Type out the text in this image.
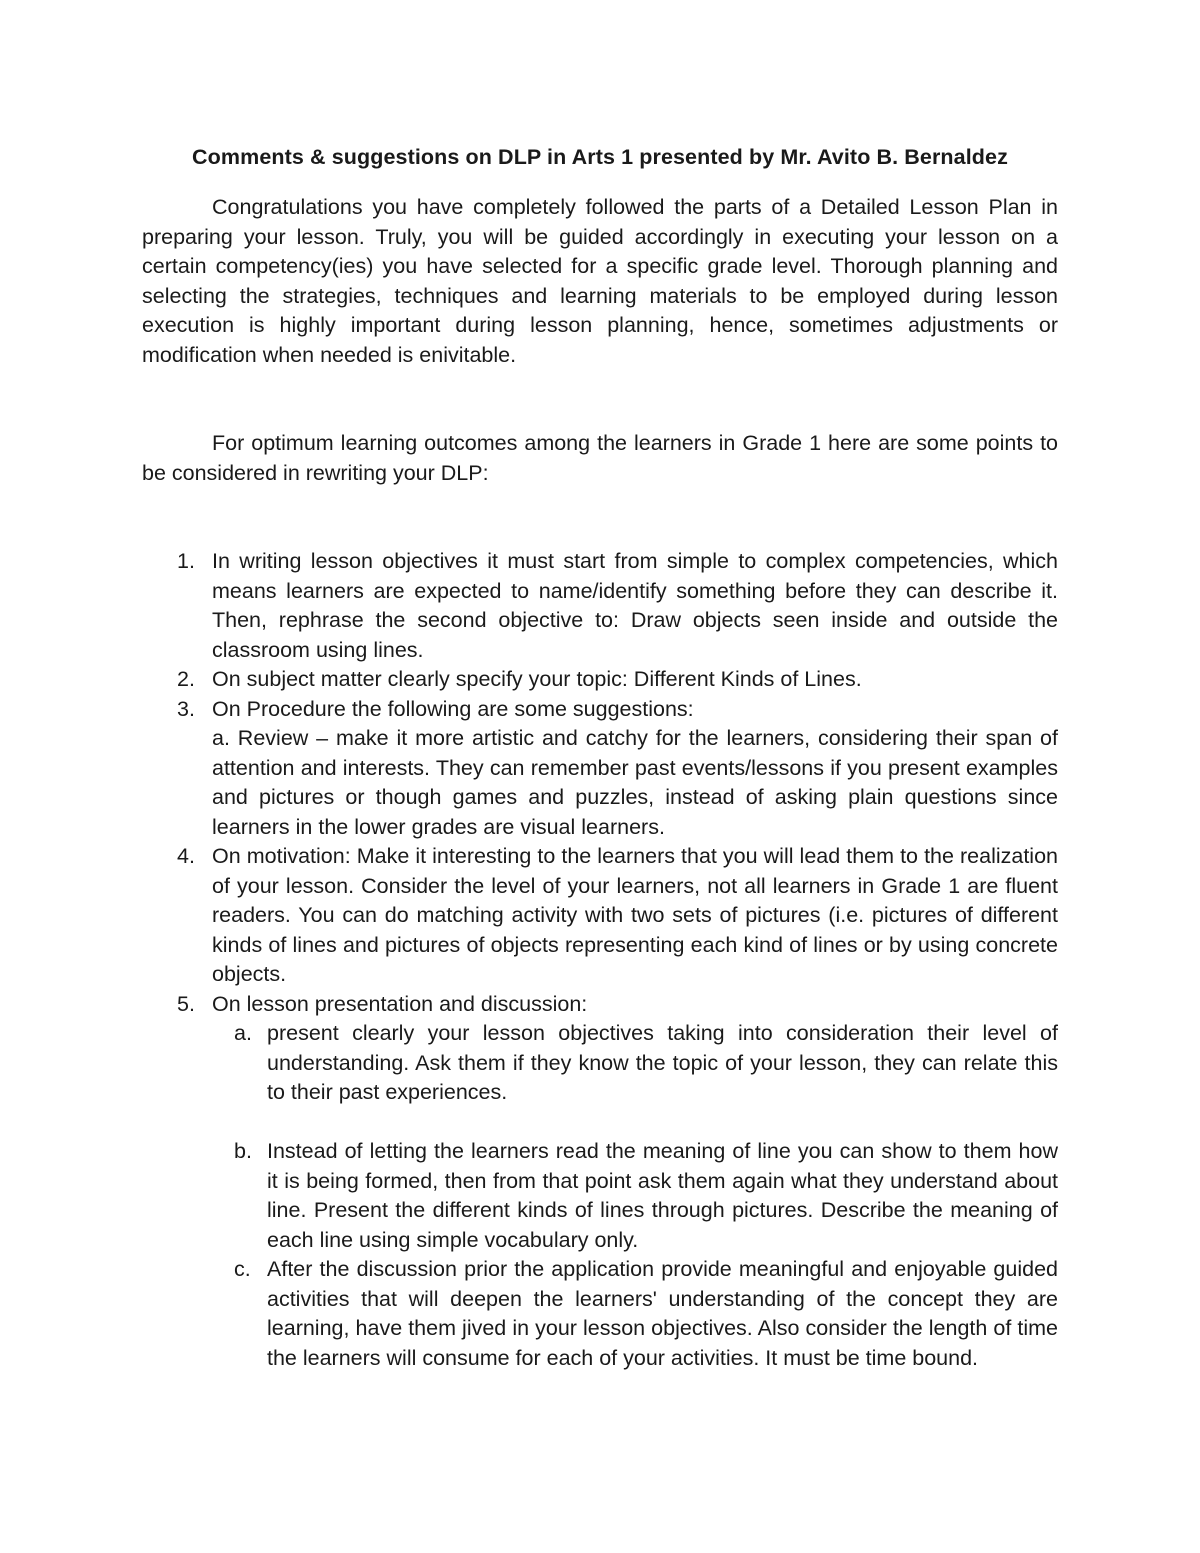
Comments & suggestions on DLP in Arts 1 presented by Mr. Avito B. Bernaldez

Congratulations you have completely followed the parts of a Detailed Lesson Plan in preparing your lesson. Truly, you will be guided accordingly in executing your lesson on a certain competency(ies) you have selected for a specific grade level. Thorough planning and selecting the strategies, techniques and learning materials to be employed during lesson execution is highly important during lesson planning, hence, sometimes adjustments or modification when needed is enivitable.

For optimum learning outcomes among the learners in Grade 1 here are some points to be considered in rewriting your DLP:

1. In writing lesson objectives it must start from simple to complex competencies, which means learners are expected to name/identify something before they can describe it. Then, rephrase the second objective to: Draw objects seen inside and outside the classroom using lines.
2. On subject matter clearly specify your topic: Different Kinds of Lines.
3. On Procedure the following are some suggestions:
a. Review – make it more artistic and catchy for the learners, considering their span of attention and interests. They can remember past events/lessons if you present examples and pictures or though games and puzzles, instead of asking plain questions since learners in the lower grades are visual learners.
4. On motivation: Make it interesting to the learners that you will lead them to the realization of your lesson. Consider the level of your learners, not all learners in Grade 1 are fluent readers. You can do matching activity with two sets of pictures (i.e. pictures of different kinds of lines and pictures of objects representing each kind of lines or by using concrete objects.
5. On lesson presentation and discussion:
a. present clearly your lesson objectives taking into consideration their level of understanding. Ask them if they know the topic of your lesson, they can relate this to their past experiences.
b. Instead of letting the learners read the meaning of line you can show to them how it is being formed, then from that point ask them again what they understand about line. Present the different kinds of lines through pictures. Describe the meaning of each line using simple vocabulary only.
c. After the discussion prior the application provide meaningful and enjoyable guided activities that will deepen the learners' understanding of the concept they are learning, have them jived in your lesson objectives. Also consider the length of time the learners will consume for each of your activities. It must be time bound.
